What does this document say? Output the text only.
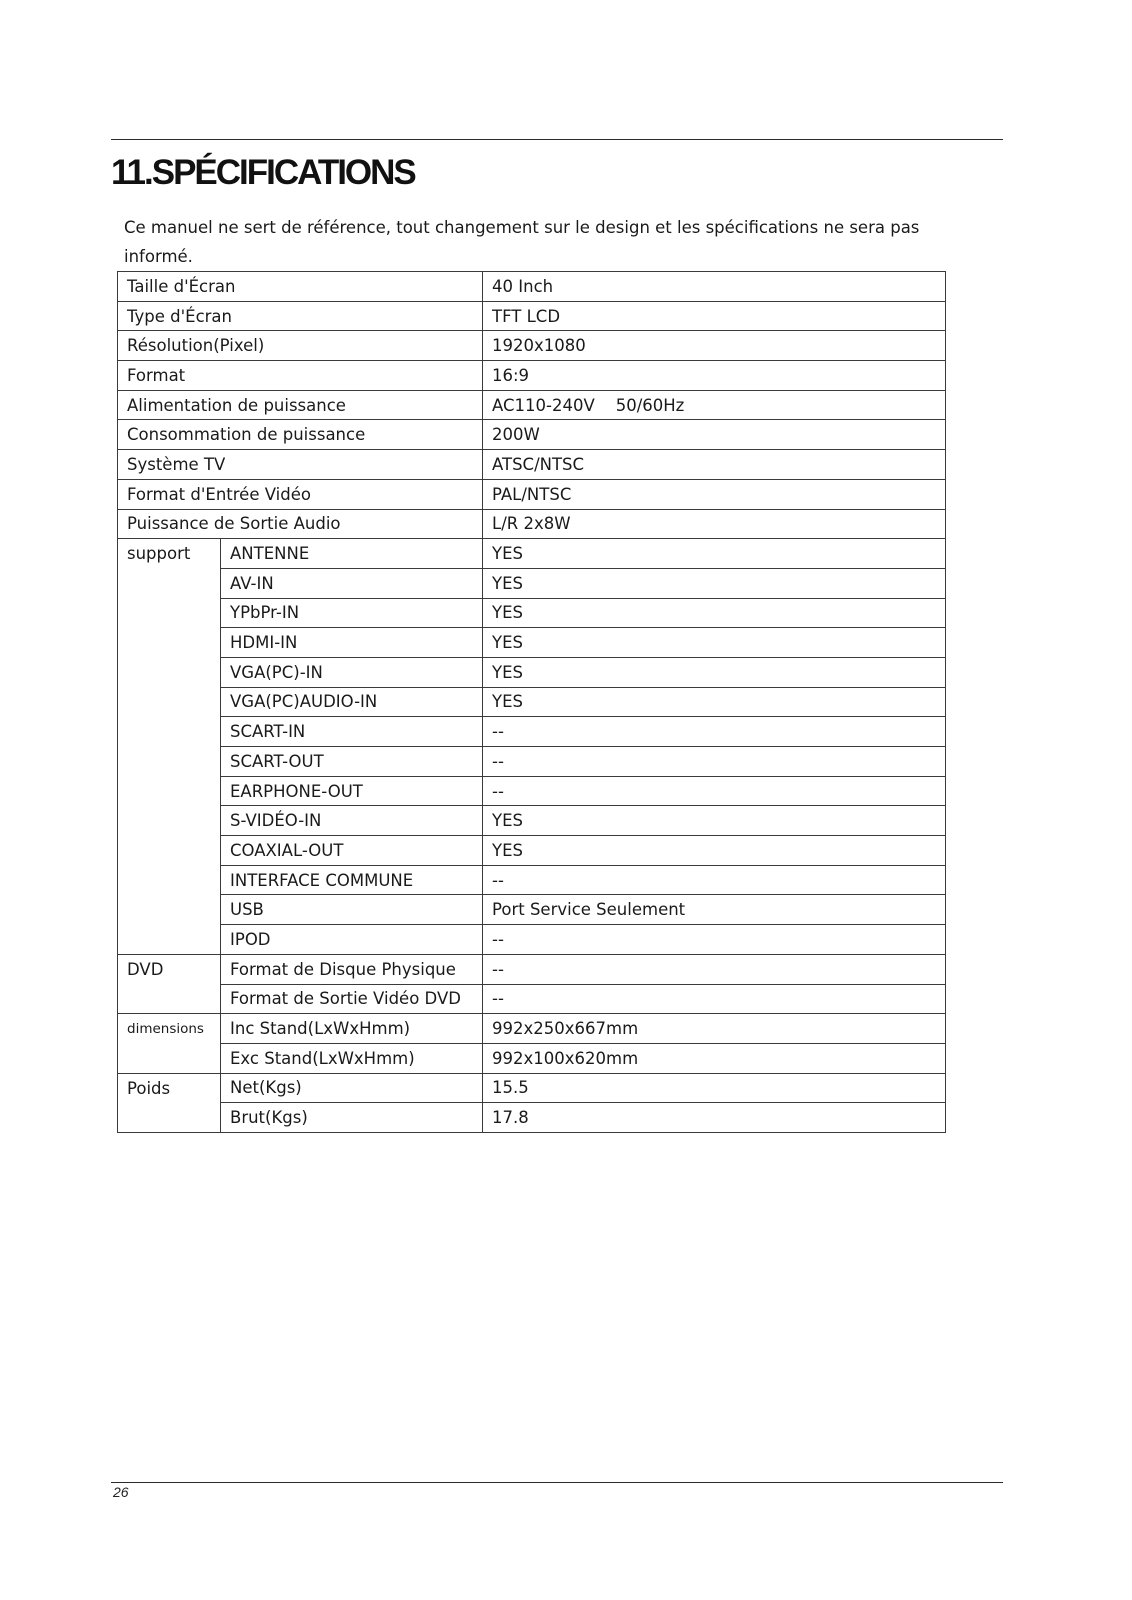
11.SPÉCIFICATIONS

Ce manuel ne sert de référence, tout changement sur le design et les spécifications ne sera pas informé.

Taille d'Écran		40 Inch
Type d'Écran		TFT LCD
Résolution(Pixel)		1920x1080
Format		16:9
Alimentation de puissance		AC110-240V    50/60Hz
Consommation de puissance		200W
Système TV		ATSC/NTSC
Format d'Entrée Vidéo		PAL/NTSC
Puissance de Sortie Audio		L/R 2x8W
support	ANTENNE	YES
	AV-IN	YES
	YPbPr-IN	YES
	HDMI-IN	YES
	VGA(PC)-IN	YES
	VGA(PC)AUDIO-IN	YES
	SCART-IN	--
	SCART-OUT	--
	EARPHONE-OUT	--
	S-VIDÉO-IN	YES
	COAXIAL-OUT	YES
	INTERFACE COMMUNE	--
	USB	Port Service Seulement
	IPOD	--
DVD	Format de Disque Physique	--
	Format de Sortie Vidéo DVD	--
dimensions	Inc Stand(LxWxHmm)	992x250x667mm
	Exc Stand(LxWxHmm)	992x100x620mm
Poids	Net(Kgs)	15.5
	Brut(Kgs)	17.8
26
